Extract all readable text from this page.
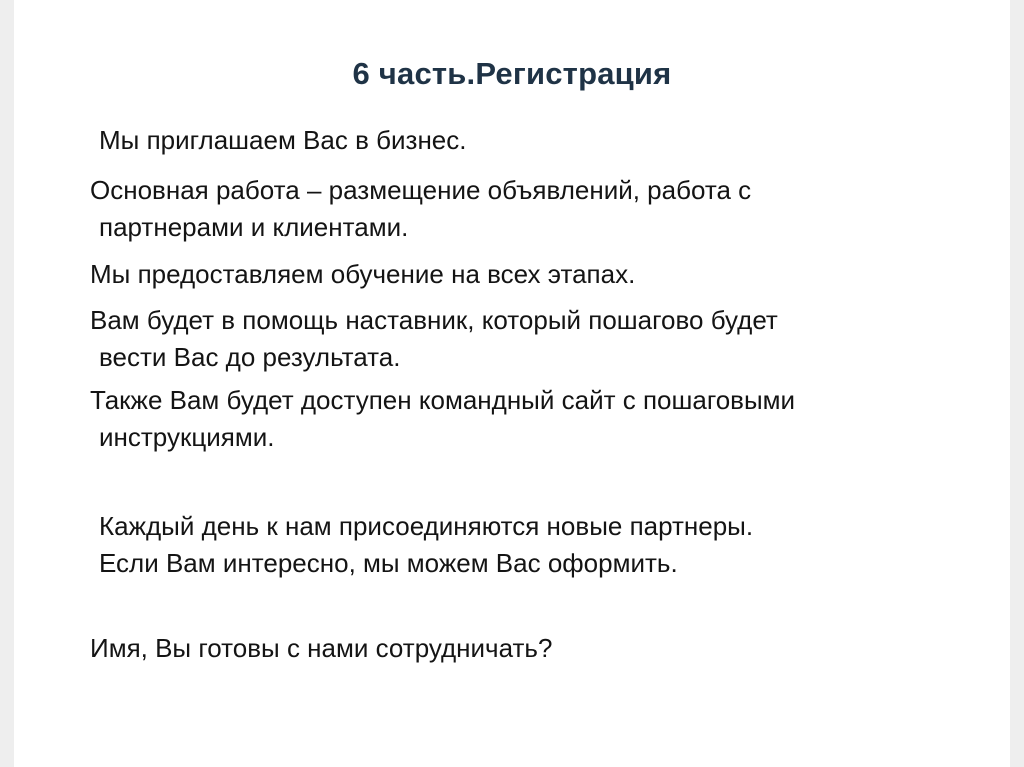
6 часть.Регистрация
Мы приглашаем Вас в бизнес.
Основная работа – размещение объявлений, работа с
партнерами и клиентами.
Мы предоставляем обучение на всех этапах.
Вам будет в помощь наставник, который пошагово будет
вести Вас до результата.
Также Вам будет доступен командный сайт с пошаговыми
инструкциями.
Каждый день к нам присоединяются новые партнеры.
Если Вам интересно, мы можем Вас оформить.
Имя, Вы готовы с нами сотрудничать?
